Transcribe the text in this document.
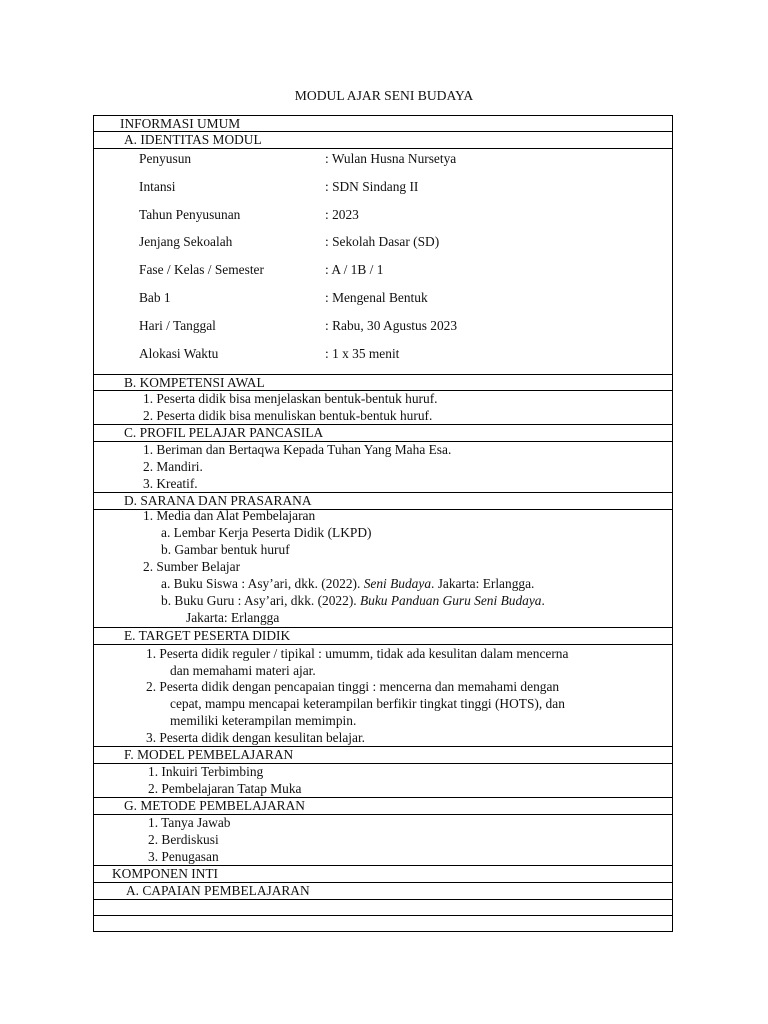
MODUL AJAR SENI BUDAYA
INFORMASI UMUM
A. IDENTITAS MODUL
Penyusun	: Wulan Husna Nursetya
Intansi	: SDN Sindang II
Tahun Penyusunan	: 2023
Jenjang Sekoalah	: Sekolah Dasar (SD)
Fase / Kelas / Semester	: A / 1B / 1
Bab 1	: Mengenal Bentuk
Hari / Tanggal	: Rabu, 30 Agustus 2023
Alokasi Waktu	: 1 x 35 menit
B. KOMPETENSI AWAL
1. Peserta didik bisa menjelaskan bentuk-bentuk huruf.
2. Peserta didik bisa menuliskan bentuk-bentuk huruf.
C. PROFIL PELAJAR PANCASILA
1. Beriman dan Bertaqwa Kepada Tuhan Yang Maha Esa.
2. Mandiri.
3. Kreatif.
D. SARANA DAN PRASARANA
1. Media dan Alat Pembelajaran
a. Lembar Kerja Peserta Didik (LKPD)
b. Gambar bentuk huruf
2. Sumber Belajar
a. Buku Siswa : Asy’ari, dkk. (2022). Seni Budaya. Jakarta: Erlangga.
b. Buku Guru : Asy’ari, dkk. (2022). Buku Panduan Guru Seni Budaya.
Jakarta: Erlangga
E. TARGET PESERTA DIDIK
1. Peserta didik reguler / tipikal : umumm, tidak ada kesulitan dalam mencerna
dan memahami materi ajar.
2. Peserta didik dengan pencapaian tinggi : mencerna dan memahami dengan
cepat, mampu mencapai keterampilan berfikir tingkat tinggi (HOTS), dan
memiliki keterampilan memimpin.
3. Peserta didik dengan kesulitan belajar.
F. MODEL PEMBELAJARAN
1. Inkuiri Terbimbing
2. Pembelajaran Tatap Muka
G. METODE PEMBELAJARAN
1. Tanya Jawab
2. Berdiskusi
3. Penugasan
KOMPONEN INTI
A. CAPAIAN PEMBELAJARAN
